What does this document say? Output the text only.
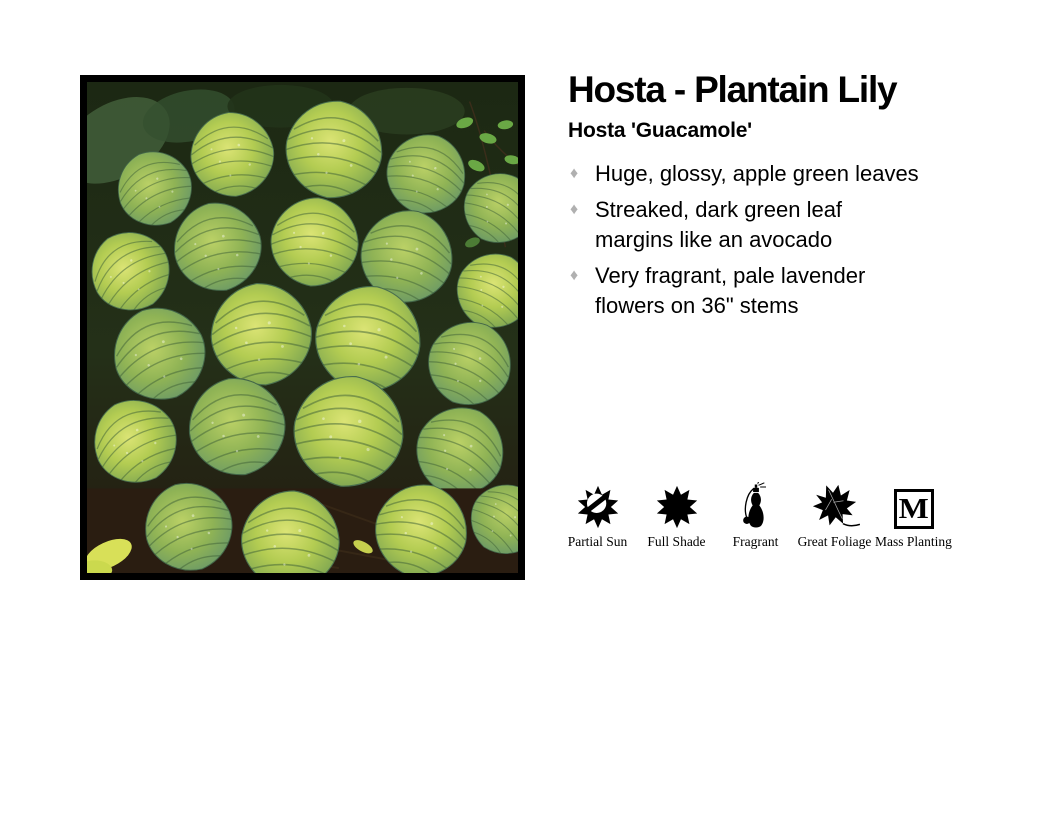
Hosta - Plantain Lily
Hosta 'Guacamole'
♦ Huge, glossy, apple green leaves
♦ Streaked, dark green leaf
margins like an avocado
♦ Very fragrant, pale lavender
flowers on 36" stems
Partial Sun Full Shade Fragrant Great Foliage
M
Mass Planting
